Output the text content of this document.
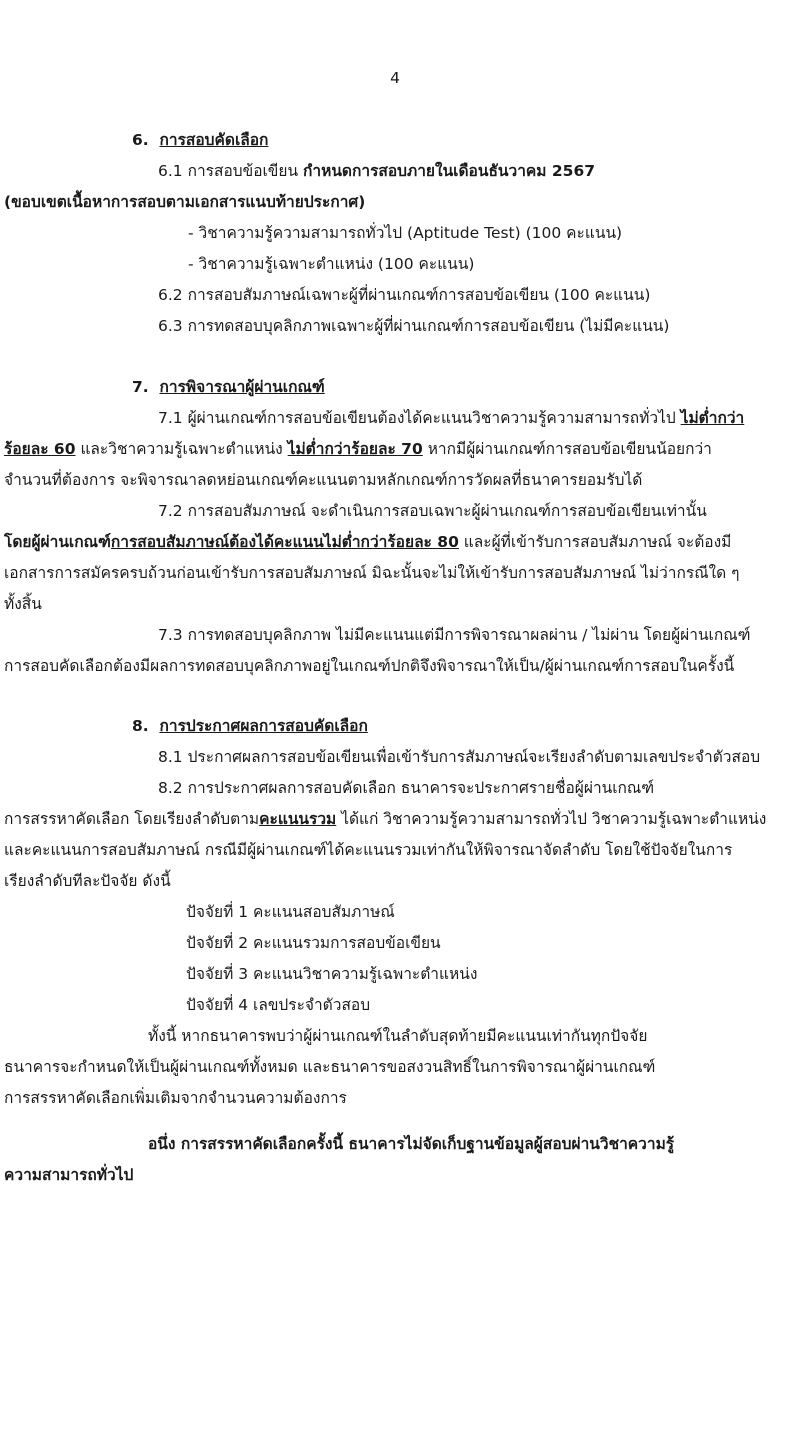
4
6. การสอบคัดเลือก
6.1 การสอบข้อเขียน กำหนดการสอบภายในเดือนธันวาคม 2567
(ขอบเขตเนื้อหาการสอบตามเอกสารแนบท้ายประกาศ)
- วิชาความรู้ความสามารถทั่วไป (Aptitude Test) (100 คะแนน)
- วิชาความรู้เฉพาะตำแหน่ง (100 คะแนน)
6.2 การสอบสัมภาษณ์เฉพาะผู้ที่ผ่านเกณฑ์การสอบข้อเขียน (100 คะแนน)
6.3 การทดสอบบุคลิกภาพเฉพาะผู้ที่ผ่านเกณฑ์การสอบข้อเขียน (ไม่มีคะแนน)
7. การพิจารณาผู้ผ่านเกณฑ์
7.1 ผู้ผ่านเกณฑ์การสอบข้อเขียนต้องได้คะแนนวิชาความรู้ความสามารถทั่วไป ไม่ต่ำกว่า
ร้อยละ 60 และวิชาความรู้เฉพาะตำแหน่ง ไม่ต่ำกว่าร้อยละ 70 หากมีผู้ผ่านเกณฑ์การสอบข้อเขียนน้อยกว่า
จำนวนที่ต้องการ จะพิจารณาลดหย่อนเกณฑ์คะแนนตามหลักเกณฑ์การวัดผลที่ธนาคารยอมรับได้
7.2 การสอบสัมภาษณ์ จะดำเนินการสอบเฉพาะผู้ผ่านเกณฑ์การสอบข้อเขียนเท่านั้น
โดยผู้ผ่านเกณฑ์การสอบสัมภาษณ์ต้องได้คะแนนไม่ต่ำกว่าร้อยละ 80 และผู้ที่เข้ารับการสอบสัมภาษณ์ จะต้องมี
เอกสารการสมัครครบถ้วนก่อนเข้ารับการสอบสัมภาษณ์ มิฉะนั้นจะไม่ให้เข้ารับการสอบสัมภาษณ์ ไม่ว่ากรณีใด ๆ
ทั้งสิ้น
7.3 การทดสอบบุคลิกภาพ ไม่มีคะแนนแต่มีการพิจารณาผลผ่าน / ไม่ผ่าน โดยผู้ผ่านเกณฑ์
การสอบคัดเลือกต้องมีผลการทดสอบบุคลิกภาพอยู่ในเกณฑ์ปกติจึงพิจารณาให้เป็น/ผู้ผ่านเกณฑ์การสอบในครั้งนี้
8. การประกาศผลการสอบคัดเลือก
8.1 ประกาศผลการสอบข้อเขียนเพื่อเข้ารับการสัมภาษณ์จะเรียงลำดับตามเลขประจำตัวสอบ
8.2 การประกาศผลการสอบคัดเลือก ธนาคารจะประกาศรายชื่อผู้ผ่านเกณฑ์
การสรรหาคัดเลือก โดยเรียงลำดับตามคะแนนรวม ได้แก่ วิชาความรู้ความสามารถทั่วไป วิชาความรู้เฉพาะตำแหน่ง
และคะแนนการสอบสัมภาษณ์ กรณีมีผู้ผ่านเกณฑ์ได้คะแนนรวมเท่ากันให้พิจารณาจัดลำดับ โดยใช้ปัจจัยในการ
เรียงลำดับทีละปัจจัย ดังนี้
ปัจจัยที่ 1 คะแนนสอบสัมภาษณ์
ปัจจัยที่ 2 คะแนนรวมการสอบข้อเขียน
ปัจจัยที่ 3 คะแนนวิชาความรู้เฉพาะตำแหน่ง
ปัจจัยที่ 4 เลขประจำตัวสอบ
ทั้งนี้ หากธนาคารพบว่าผู้ผ่านเกณฑ์ในลำดับสุดท้ายมีคะแนนเท่ากันทุกปัจจัย
ธนาคารจะกำหนดให้เป็นผู้ผ่านเกณฑ์ทั้งหมด และธนาคารขอสงวนสิทธิ์ในการพิจารณาผู้ผ่านเกณฑ์
การสรรหาคัดเลือกเพิ่มเติมจากจำนวนความต้องการ
อนึ่ง การสรรหาคัดเลือกครั้งนี้ ธนาคารไม่จัดเก็บฐานข้อมูลผู้สอบผ่านวิชาความรู้
ความสามารถทั่วไป
